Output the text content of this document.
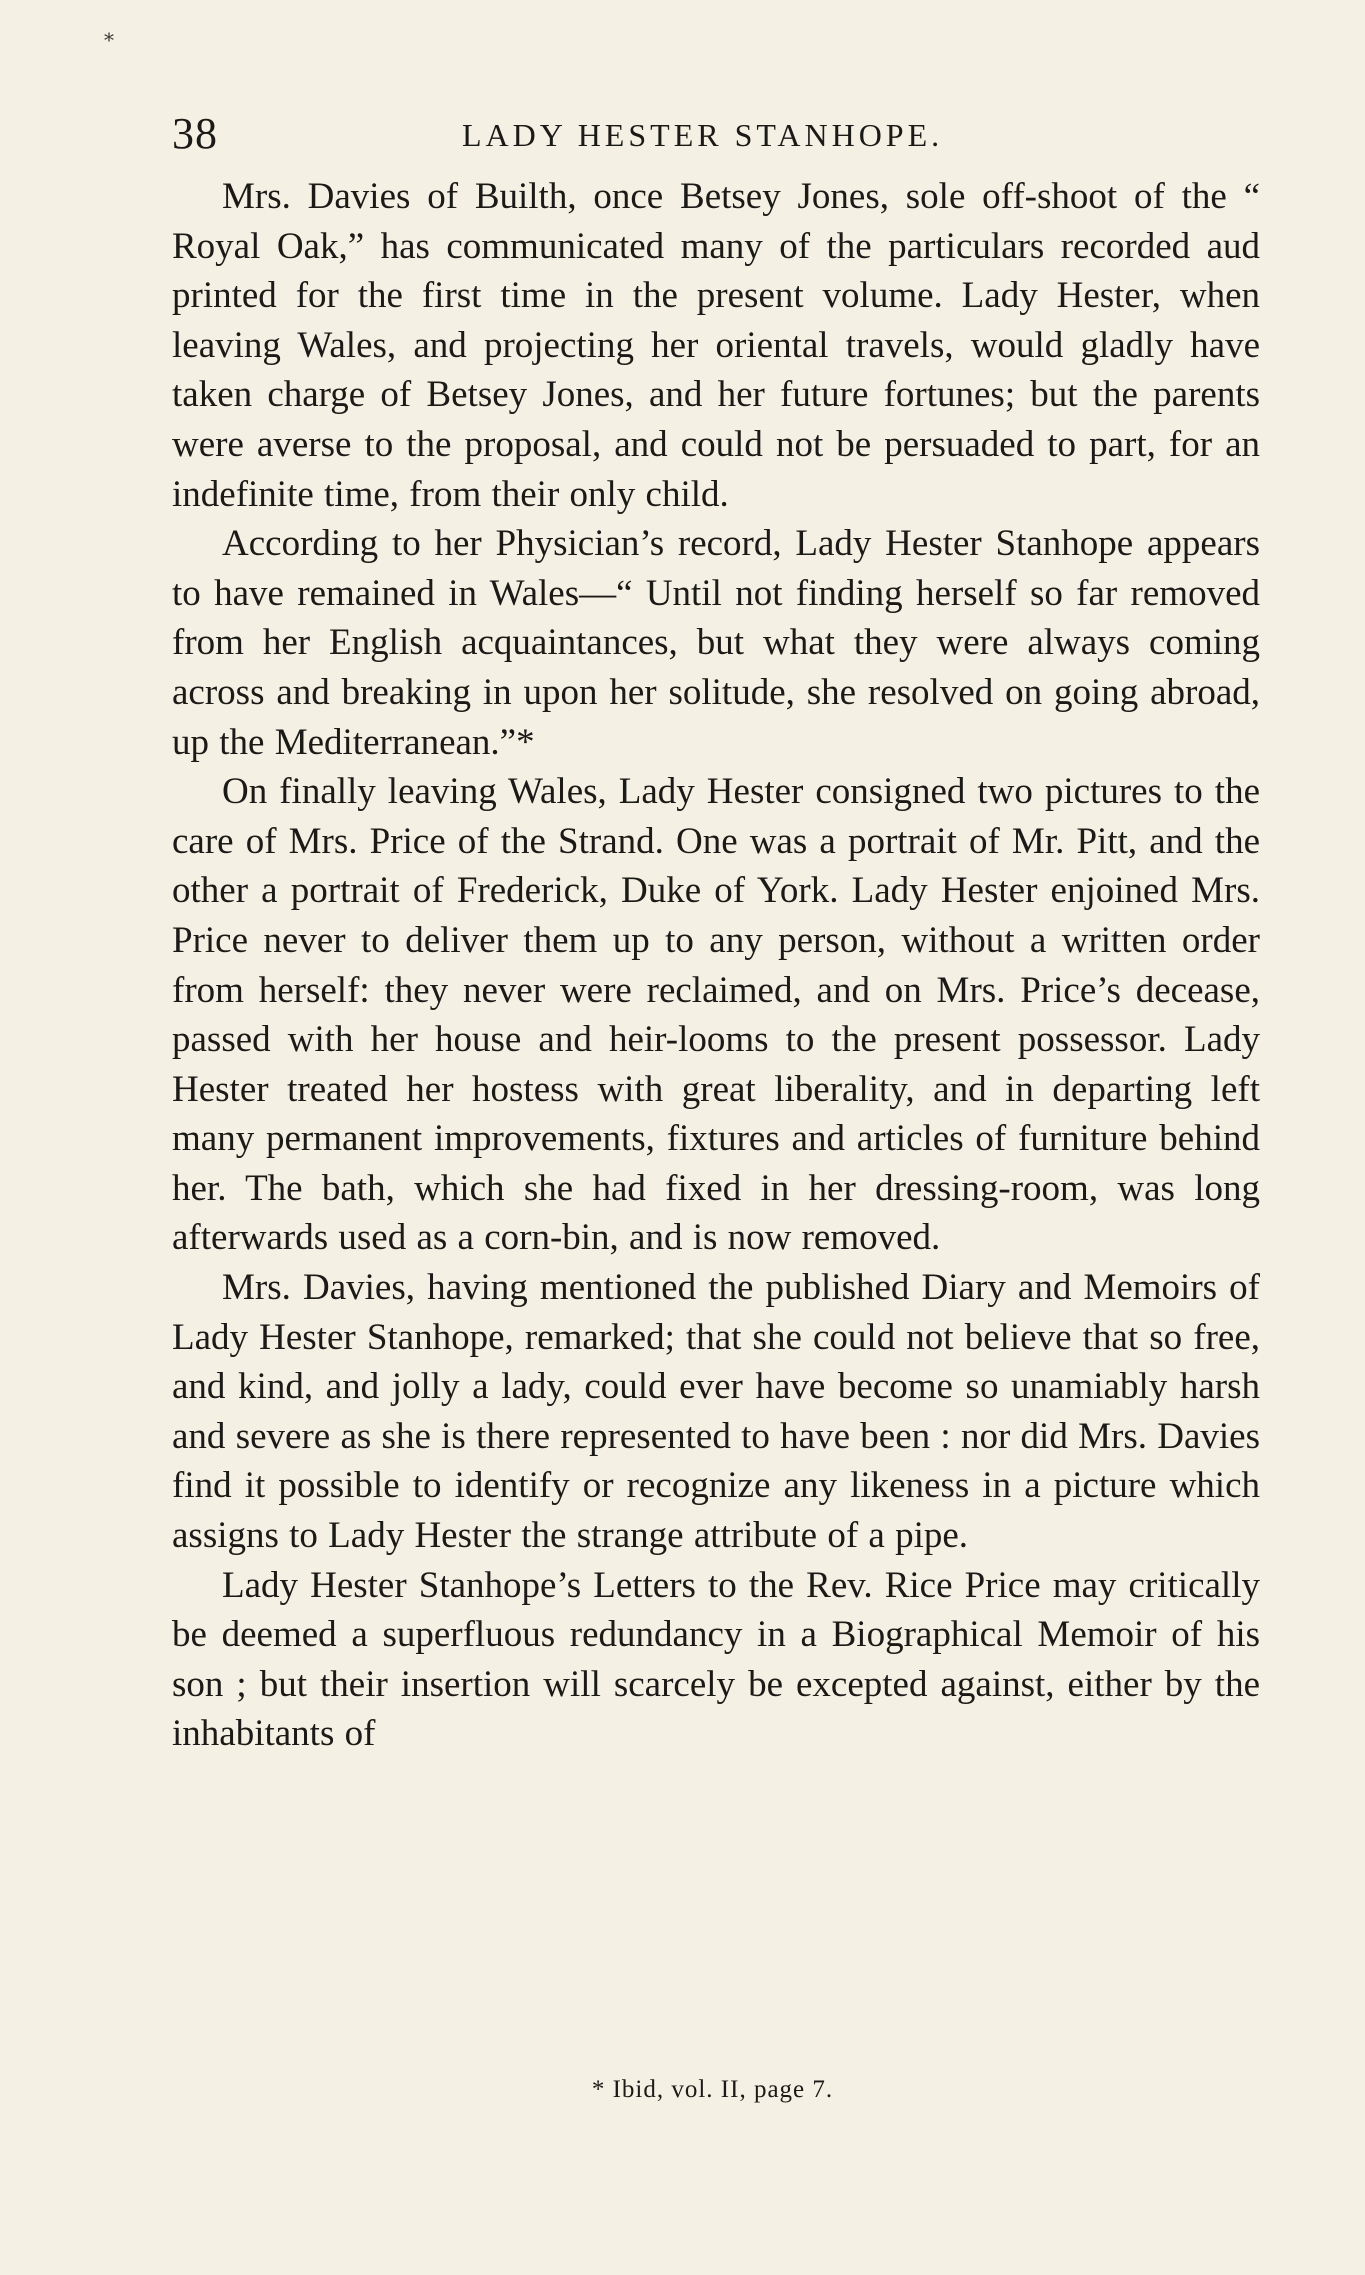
*
38	LADY HESTER STANHOPE.

Mrs. Davies of Builth, once Betsey Jones, sole off-shoot of the “ Royal Oak,” has communicated many of the particulars recorded aud printed for the first time in the present volume. Lady Hester, when leaving Wales, and projecting her oriental travels, would gladly have taken charge of Betsey Jones, and her future fortunes; but the parents were averse to the proposal, and could not be persuaded to part, for an indefinite time, from their only child.

According to her Physician’s record, Lady Hester Stanhope appears to have remained in Wales—“ Until not finding herself so far removed from her English acquaintances, but what they were always coming across and breaking in upon her solitude, she resolved on going abroad, up the Mediterranean.”*

On finally leaving Wales, Lady Hester consigned two pictures to the care of Mrs. Price of the Strand. One was a portrait of Mr. Pitt, and the other a portrait of Frederick, Duke of York. Lady Hester enjoined Mrs. Price never to deliver them up to any person, without a written order from herself: they never were reclaimed, and on Mrs. Price’s decease, passed with her house and heir-looms to the present possessor. Lady Hester treated her hostess with great liberality, and in departing left many permanent improvements, fixtures and articles of furniture behind her. The bath, which she had fixed in her dressing-room, was long afterwards used as a corn-bin, and is now removed.

Mrs. Davies, having mentioned the published Diary and Memoirs of Lady Hester Stanhope, remarked; that she could not believe that so free, and kind, and jolly a lady, could ever have become so unamiably harsh and severe as she is there represented to have been : nor did Mrs. Davies find it possible to identify or recognize any likeness in a picture which assigns to Lady Hester the strange attribute of a pipe.

Lady Hester Stanhope’s Letters to the Rev. Rice Price may critically be deemed a superfluous redundancy in a Biographical Memoir of his son ; but their insertion will scarcely be excepted against, either by the inhabitants of

* Ibid, vol. II, page 7.
